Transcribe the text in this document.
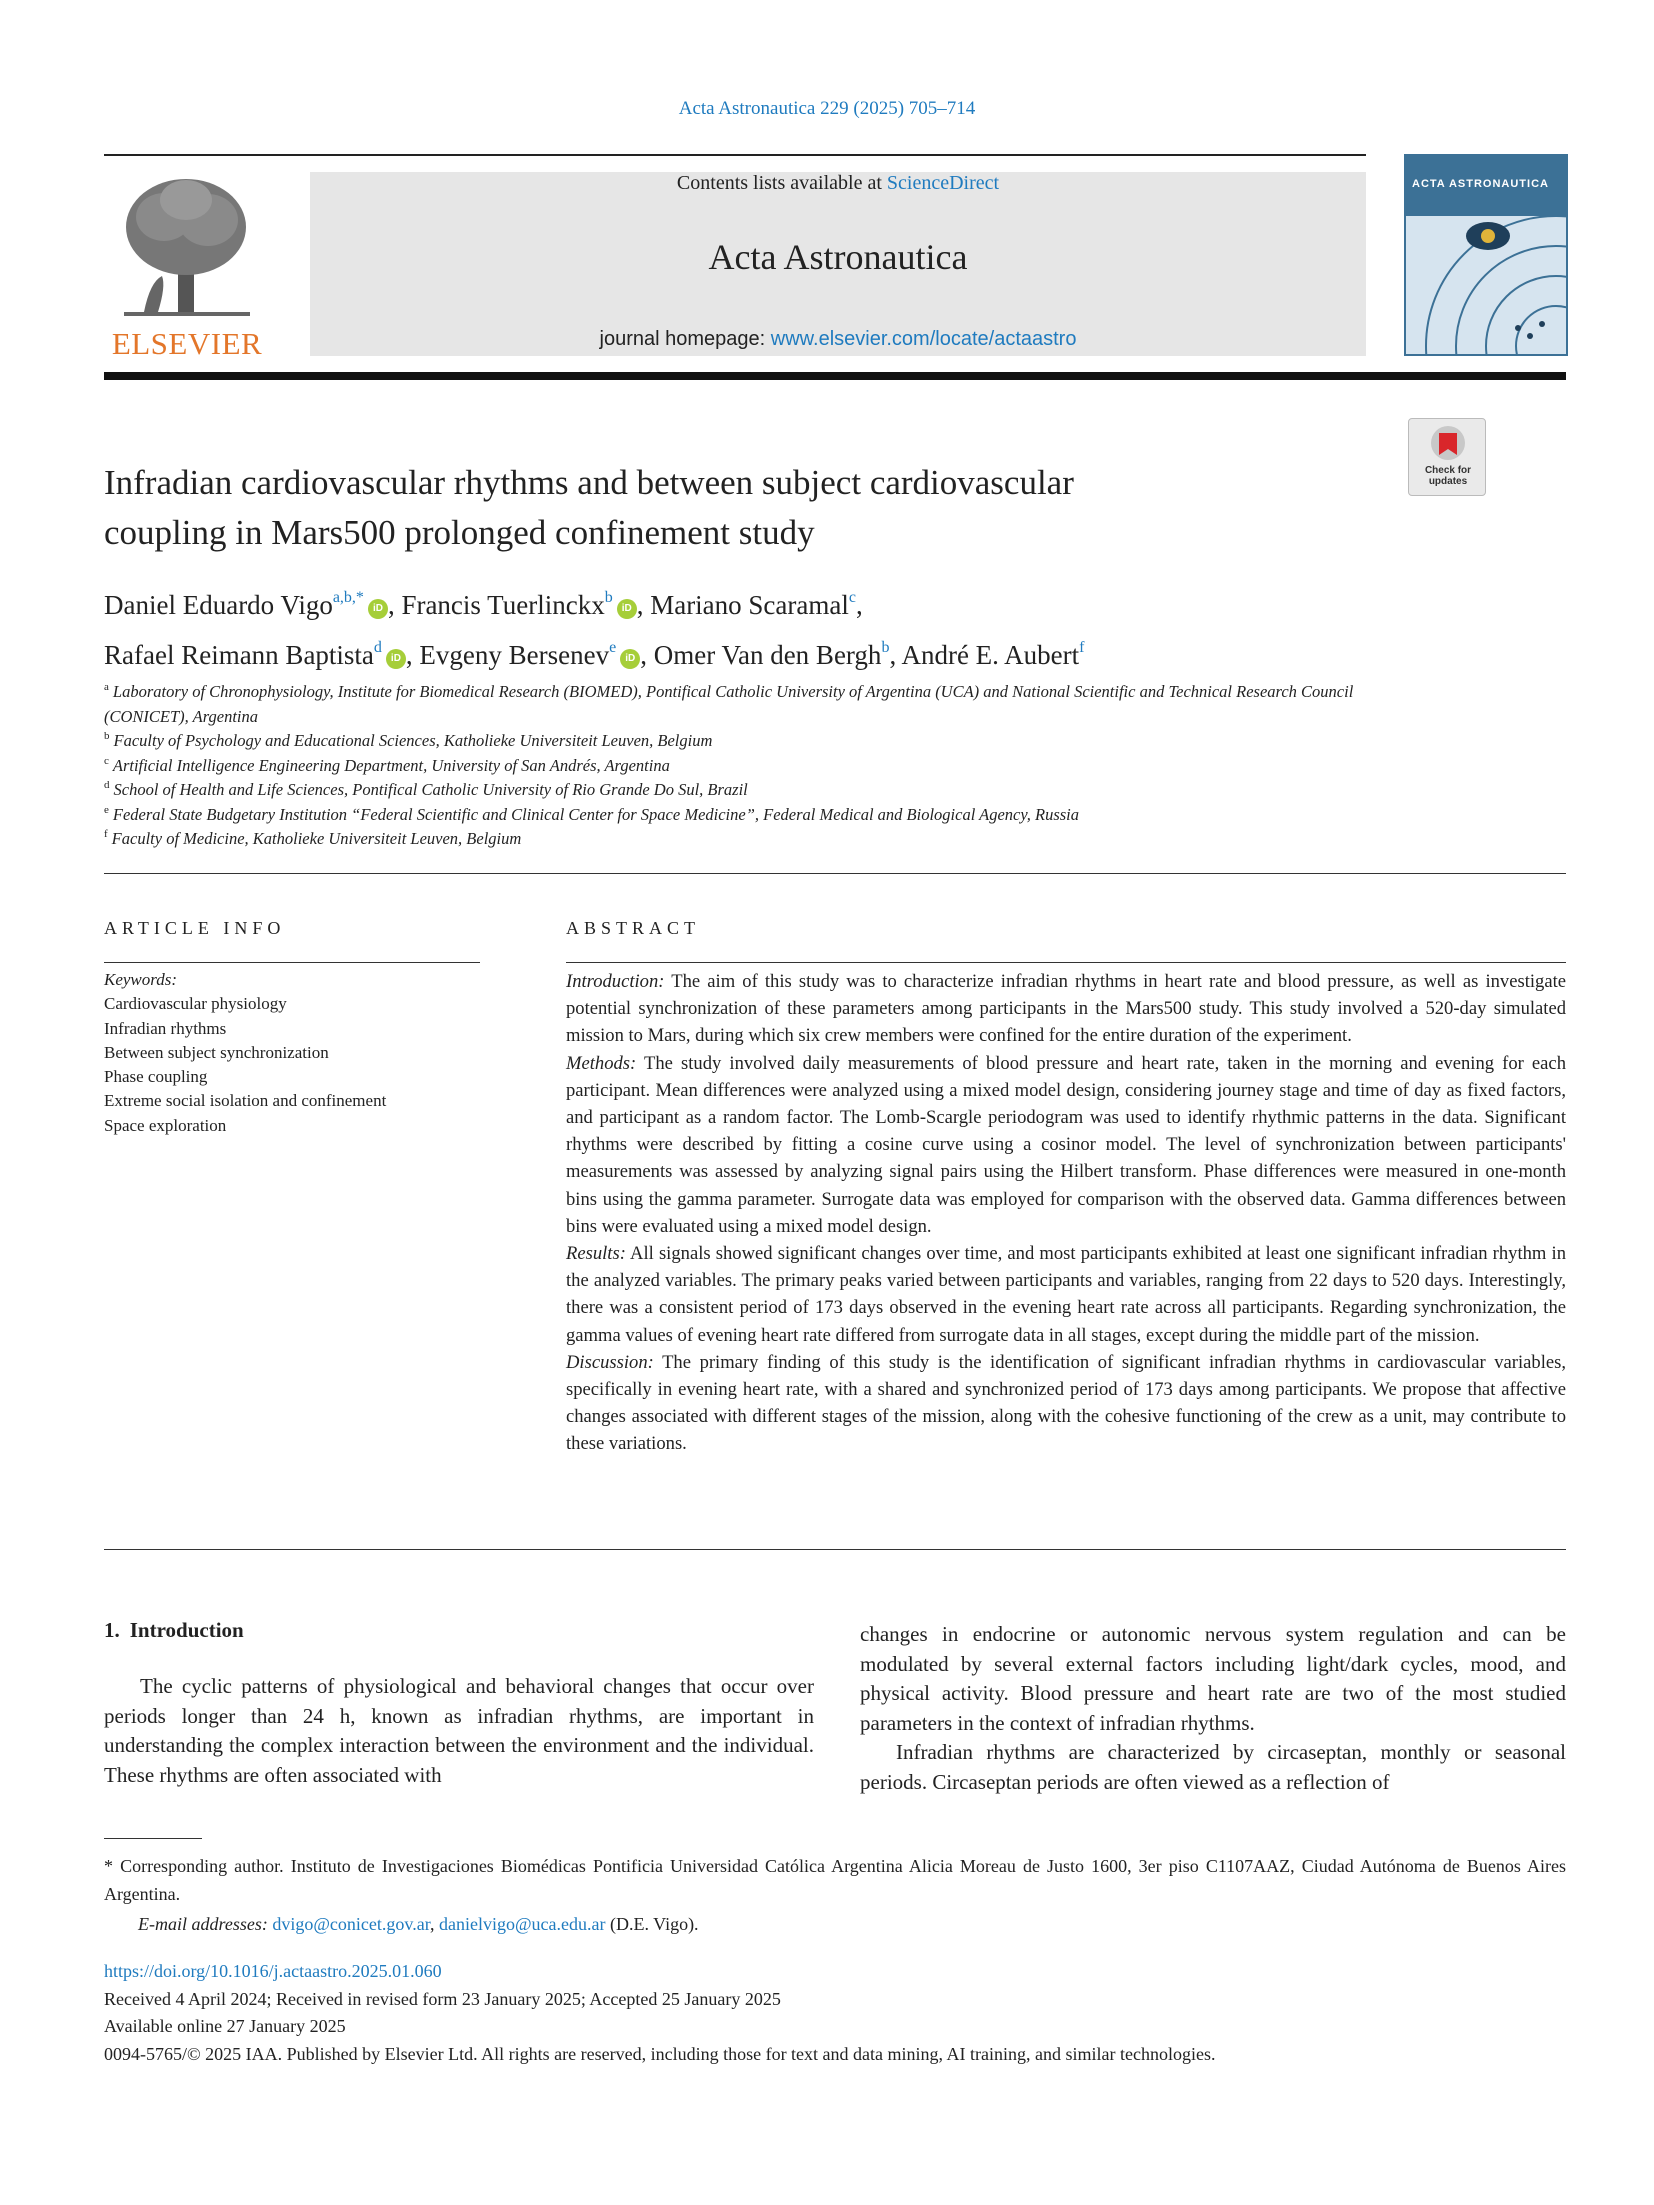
Acta Astronautica 229 (2025) 705–714
ELSEVIER
Contents lists available at ScienceDirect
Acta Astronautica
journal homepage: www.elsevier.com/locate/actaastro
ACTA ASTRONAUTICA
Check for updates
Infradian cardiovascular rhythms and between subject cardiovascular
coupling in Mars500 prolonged confinement study
Daniel Eduardo Vigo$^{a,b,*}$iD , Francis Tuerlinckx$^b$iD , Mariano Scaramal$^c$,
Rafael Reimann Baptista$^d$iD , Evgeny Bersenev$^e$iD , Omer Van den Bergh$^b$, André E. Aubert$^f$
$^a$ Laboratory of Chronophysiology, Institute for Biomedical Research (BIOMED), Pontifical Catholic University of Argentina (UCA) and National Scientific and Technical Research Council (CONICET), Argentina
$^b$ Faculty of Psychology and Educational Sciences, Katholieke Universiteit Leuven, Belgium
$^c$ Artificial Intelligence Engineering Department, University of San Andrés, Argentina
$^d$ School of Health and Life Sciences, Pontifical Catholic University of Rio Grande Do Sul, Brazil
$^e$ Federal State Budgetary Institution “Federal Scientific and Clinical Center for Space Medicine”, Federal Medical and Biological Agency, Russia
$^f$ Faculty of Medicine, Katholieke Universiteit Leuven, Belgium
ARTICLE INFO	ABSTRACT
Keywords:
Cardiovascular physiology
Infradian rhythms
Between subject synchronization
Phase coupling
Extreme social isolation and confinement
Space exploration
Introduction: The aim of this study was to characterize infradian rhythms in heart rate and blood pressure, as well as investigate potential synchronization of these parameters among participants in the Mars500 study. This study involved a 520-day simulated mission to Mars, during which six crew members were confined for the entire duration of the experiment.
Methods: The study involved daily measurements of blood pressure and heart rate, taken in the morning and evening for each participant. Mean differences were analyzed using a mixed model design, considering journey stage and time of day as fixed factors, and participant as a random factor. The Lomb-Scargle periodogram was used to identify rhythmic patterns in the data. Significant rhythms were described by fitting a cosine curve using a cosinor model. The level of synchronization between participants' measurements was assessed by analyzing signal pairs using the Hilbert transform. Phase differences were measured in one-month bins using the gamma parameter. Surrogate data was employed for comparison with the observed data. Gamma differences between bins were evaluated using a mixed model design.
Results: All signals showed significant changes over time, and most participants exhibited at least one significant infradian rhythm in the analyzed variables. The primary peaks varied between participants and variables, ranging from 22 days to 520 days. Interestingly, there was a consistent period of 173 days observed in the evening heart rate across all participants. Regarding synchronization, the gamma values of evening heart rate differed from surrogate data in all stages, except during the middle part of the mission.
Discussion: The primary finding of this study is the identification of significant infradian rhythms in cardiovascular variables, specifically in evening heart rate, with a shared and synchronized period of 173 days among participants. We propose that affective changes associated with different stages of the mission, along with the cohesive functioning of the crew as a unit, may contribute to these variations.
1. Introduction
The cyclic patterns of physiological and behavioral changes that occur over periods longer than 24 h, known as infradian rhythms, are important in understanding the complex interaction between the environment and the individual. These rhythms are often associated with

changes in endocrine or autonomic nervous system regulation and can be modulated by several external factors including light/dark cycles, mood, and physical activity. Blood pressure and heart rate are two of the most studied parameters in the context of infradian rhythms.

Infradian rhythms are characterized by circaseptan, monthly or seasonal periods. Circaseptan periods are often viewed as a reflection of

* Corresponding author. Instituto de Investigaciones Biomédicas Pontificia Universidad Católica Argentina Alicia Moreau de Justo 1600, 3er piso C1107AAZ, Ciudad Autónoma de Buenos Aires Argentina.
E-mail addresses: dvigo@conicet.gov.ar, danielvigo@uca.edu.ar (D.E. Vigo).
https://doi.org/10.1016/j.actaastro.2025.01.060
Received 4 April 2024; Received in revised form 23 January 2025; Accepted 25 January 2025
Available online 27 January 2025
0094-5765/© 2025 IAA. Published by Elsevier Ltd. All rights are reserved, including those for text and data mining, AI training, and similar technologies.
